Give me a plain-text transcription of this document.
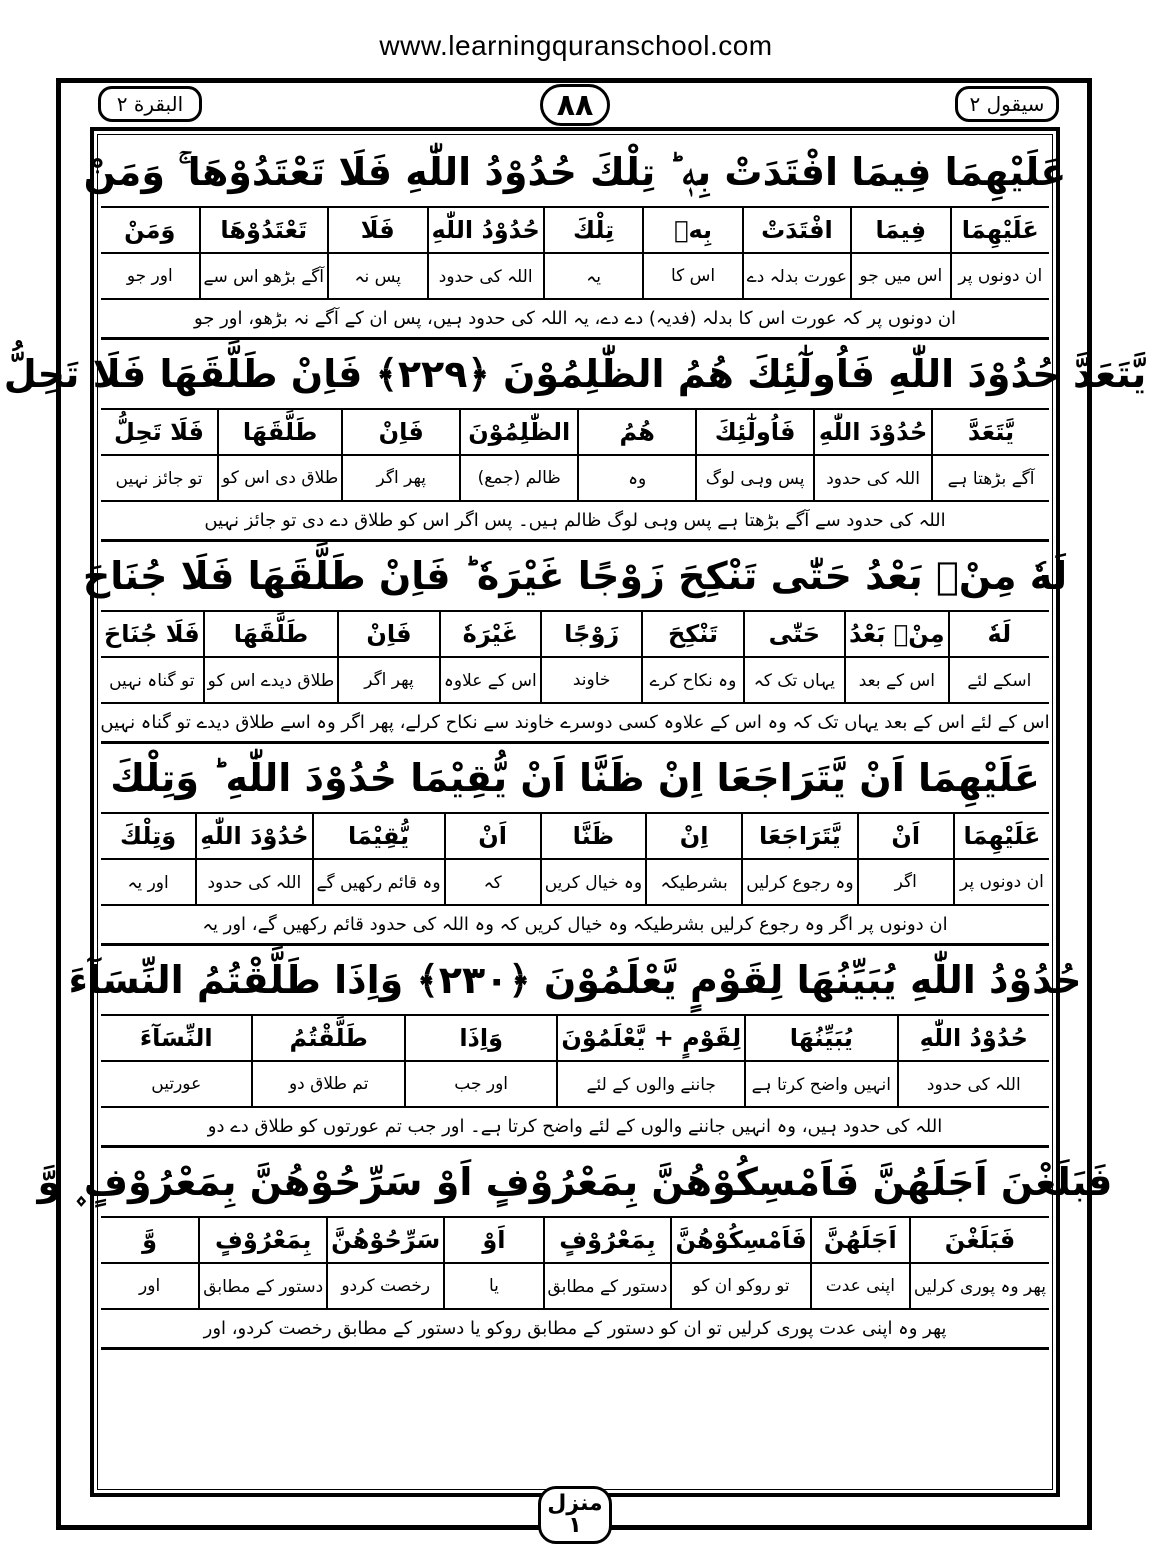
www.learningquranschool.com
البقرة ٢	٨٨	سیقول ٢
عَلَيْهِمَا فِيمَا افْتَدَتْ بِهٖ ؕ تِلْكَ حُدُوْدُ اللّٰهِ فَلَا تَعْتَدُوْهَا ۚ وَمَنْ
عَلَيْهِمَا
ان دونوں پر
فِيمَا
اس میں جو
افْتَدَتْ
عورت بدلہ دے
بِهٖ
اس کا
تِلْكَ
یہ
حُدُوْدُ اللّٰهِ
اللہ کی حدود
فَلَا
پس نہ
تَعْتَدُوْهَا
آگے بڑھو اس سے
وَمَنْ
اور جو
ان دونوں پر کہ عورت اس کا بدلہ (فدیہ) دے دے، یہ اللہ کی حدود ہیں، پس ان کے آگے نہ بڑھو، اور جو
يَّتَعَدَّ حُدُوْدَ اللّٰهِ فَاُولٰٓئِكَ هُمُ الظّٰلِمُوْنَ ﴿٢٢٩﴾ فَاِنْ طَلَّقَهَا فَلَا تَحِلُّ
يَّتَعَدَّ
آگے بڑھتا ہے
حُدُوْدَ اللّٰهِ
اللہ کی حدود
فَاُولٰٓئِكَ
پس وہی لوگ
هُمُ
وہ
الظّٰلِمُوْنَ
ظالم (جمع)
فَاِنْ
پھر اگر
طَلَّقَهَا
طلاق دی اس کو
فَلَا تَحِلُّ
تو جائز نہیں
اللہ کی حدود سے آگے بڑھتا ہے پس وہی لوگ ظالم ہیں۔ پس اگر اس کو طلاق دے دی تو جائز نہیں
لَهٗ مِنْۢ بَعْدُ حَتّٰى تَنْكِحَ زَوْجًا غَيْرَهٗ ؕ فَاِنْ طَلَّقَهَا فَلَا جُنَاحَ
لَهٗ
اسکے لئے
مِنْۢ بَعْدُ
اس کے بعد
حَتّٰى
یہاں تک کہ
تَنْكِحَ
وہ نکاح کرے
زَوْجًا
خاوند
غَيْرَهٗ
اس کے علاوہ
فَاِنْ
پھر اگر
طَلَّقَهَا
طلاق دیدے اس کو
فَلَا جُنَاحَ
تو گناہ نہیں
اس کے لئے اس کے بعد یہاں تک کہ وہ اس کے علاوہ کسی دوسرے خاوند سے نکاح کرلے، پھر اگر وہ اسے طلاق دیدے تو گناہ نہیں
عَلَيْهِمَا اَنْ يَّتَرَاجَعَا اِنْ ظَنَّا اَنْ يُّقِيْمَا حُدُوْدَ اللّٰهِ ؕ وَتِلْكَ
عَلَيْهِمَا
ان دونوں پر
اَنْ
اگر
يَّتَرَاجَعَا
وہ رجوع کرلیں
اِنْ
بشرطیکہ
ظَنَّا
وہ خیال کریں
اَنْ
کہ
يُّقِيْمَا
وہ قائم رکھیں گے
حُدُوْدَ اللّٰهِ
اللہ کی حدود
وَتِلْكَ
اور یہ
ان دونوں پر اگر وہ رجوع کرلیں بشرطیکہ وہ خیال کریں کہ وہ اللہ کی حدود قائم رکھیں گے، اور یہ
حُدُوْدُ اللّٰهِ يُبَيِّنُهَا لِقَوْمٍ يَّعْلَمُوْنَ ﴿٢٣٠﴾ وَاِذَا طَلَّقْتُمُ النِّسَآءَ
حُدُوْدُ اللّٰهِ
اللہ کی حدود
يُبَيِّنُهَا
انہیں واضح کرتا ہے
لِقَوْمٍ + يَّعْلَمُوْنَ
جاننے والوں کے لئے
وَاِذَا
اور جب
طَلَّقْتُمُ
تم طلاق دو
النِّسَآءَ
عورتیں
اللہ کی حدود ہیں، وہ انہیں جاننے والوں کے لئے واضح کرتا ہے۔ اور جب تم عورتوں کو طلاق دے دو
فَبَلَغْنَ اَجَلَهُنَّ فَاَمْسِكُوْهُنَّ بِمَعْرُوْفٍ اَوْ سَرِّحُوْهُنَّ بِمَعْرُوْفٍ ۪ وَّ
فَبَلَغْنَ
پھر وہ پوری کرلیں
اَجَلَهُنَّ
اپنی عدت
فَاَمْسِكُوْهُنَّ
تو روکو ان کو
بِمَعْرُوْفٍ
دستور کے مطابق
اَوْ
یا
سَرِّحُوْهُنَّ
رخصت کردو
بِمَعْرُوْفٍ
دستور کے مطابق
وَّ
اور
پھر وہ اپنی عدت پوری کرلیں تو ان کو دستور کے مطابق روکو یا دستور کے مطابق رخصت کردو، اور
منزل
١
